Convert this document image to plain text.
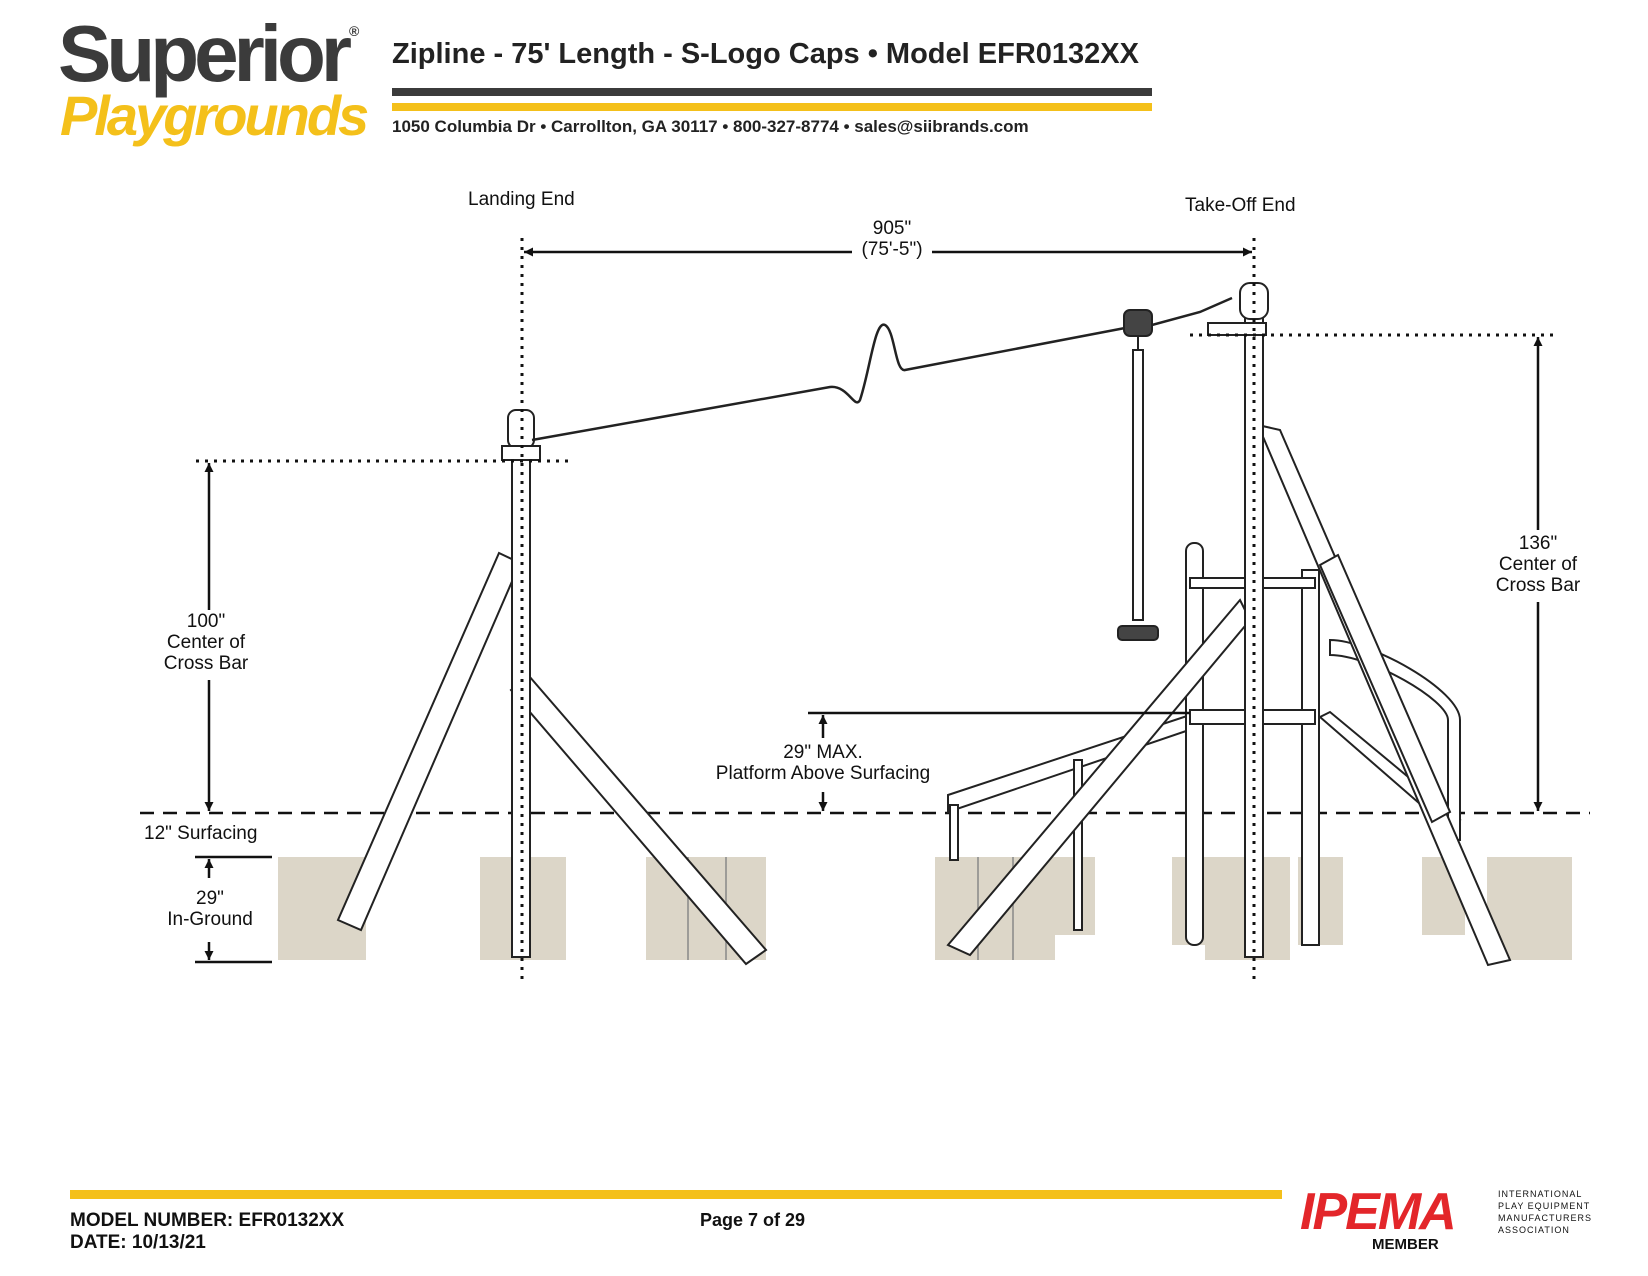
Superior ®
Playgrounds
Zipline - 75' Length - S-Logo Caps • Model EFR0132XX
1050 Columbia Dr • Carrollton, GA 30117 • 800-327-8774 • sales@siibrands.com
Landing End	Take-Off End
905"
(75'-5")
100"
Center of
Cross Bar
136"
Center of
Cross Bar
29" MAX.
Platform Above Surfacing
12" Surfacing
29"
In-Ground
MODEL NUMBER: EFR0132XX
DATE: 10/13/21
Page 7 of 29	IPEMA
MEMBER
INTERNATIONAL
PLAY EQUIPMENT
MANUFACTURERS
ASSOCIATION
